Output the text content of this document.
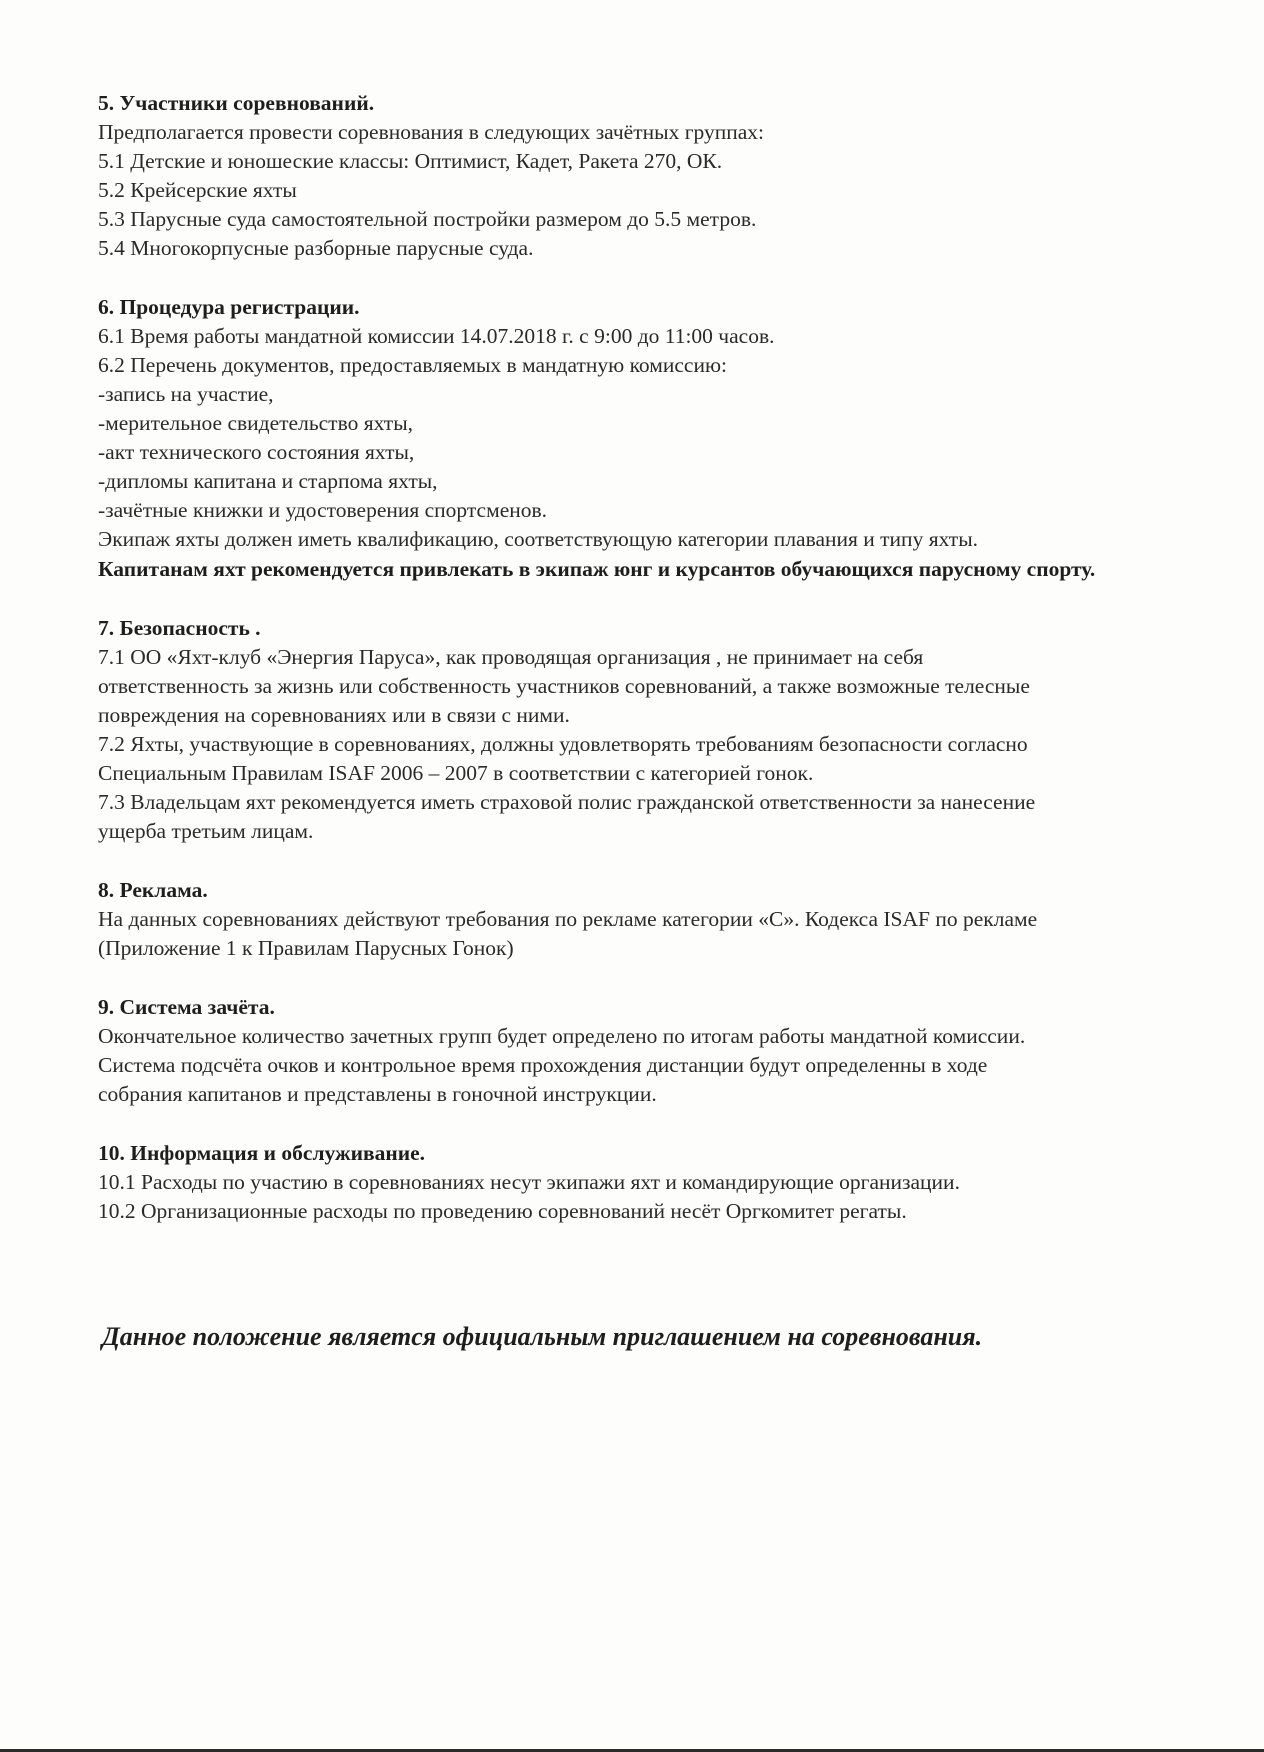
5. Участники соревнований.
Предполагается провести соревнования в следующих зачётных группах:
5.1 Детские и юношеские классы: Оптимист, Кадет, Ракета 270, ОК.
5.2 Крейсерские яхты
5.3 Парусные суда самостоятельной постройки размером до 5.5 метров.
5.4 Многокорпусные разборные парусные суда.
6. Процедура регистрации.
6.1 Время работы мандатной комиссии 14.07.2018 г. с 9:00 до 11:00 часов.
6.2 Перечень документов, предоставляемых в мандатную комиссию:
-запись на участие,
-мерительное свидетельство яхты,
-акт технического состояния яхты,
-дипломы капитана и старпома яхты,
-зачётные книжки и удостоверения спортсменов.
Экипаж яхты должен иметь квалификацию, соответствующую категории плавания и типу яхты.
Капитанам яхт рекомендуется привлекать в экипаж юнг и курсантов обучающихся парусному спорту.
7. Безопасность .
7.1 ОО «Яхт-клуб «Энергия Паруса», как проводящая организация , не принимает на себя
ответственность за жизнь или собственность участников соревнований, а также возможные телесные
повреждения на соревнованиях или в связи с ними.
7.2 Яхты, участвующие в соревнованиях, должны удовлетворять требованиям безопасности согласно
Специальным Правилам ISAF 2006 – 2007 в соответствии с категорией гонок.
7.3 Владельцам яхт рекомендуется иметь страховой полис гражданской ответственности за нанесение
ущерба третьим лицам.
8. Реклама.
На данных соревнованиях действуют требования по рекламе категории «С». Кодекса ISAF по рекламе
(Приложение 1 к Правилам Парусных Гонок)
9. Система зачёта.
Окончательное количество зачетных групп будет определено по итогам работы мандатной комиссии.
Система подсчёта очков и контрольное время прохождения дистанции будут определенны в ходе
собрания капитанов и представлены в гоночной инструкции.
10. Информация и обслуживание.
10.1 Расходы по участию в соревнованиях несут экипажи яхт и командирующие организации.
10.2 Организационные расходы по проведению соревнований несёт Оргкомитет регаты.
Данное положение является официальным приглашением на соревнования.
